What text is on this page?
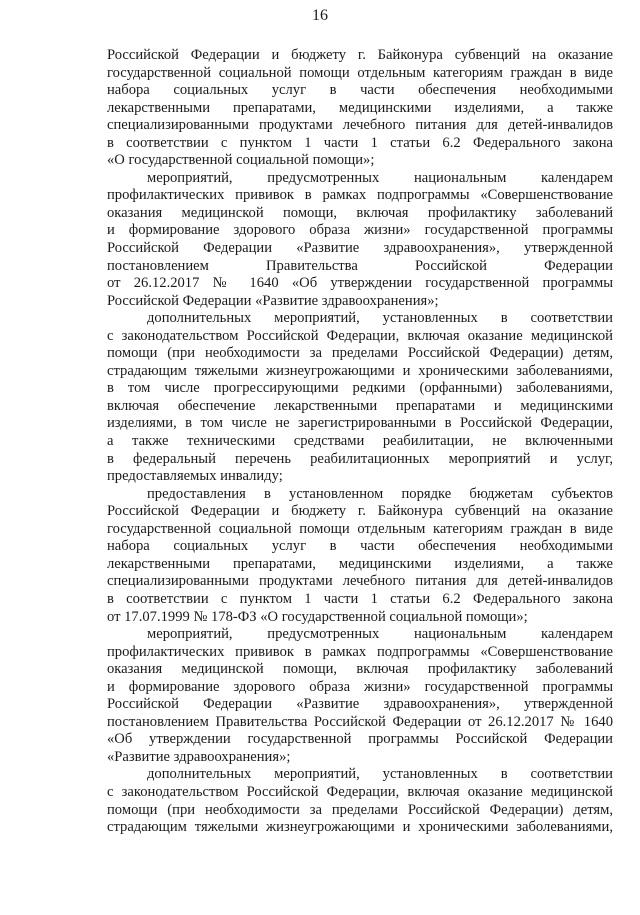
16
Российской Федерации и бюджету г. Байконура субвенций на оказание
государственной социальной помощи отдельным категориям граждан в виде
набора социальных услуг в части обеспечения необходимыми
лекарственными препаратами, медицинскими изделиями, а также
специализированными продуктами лечебного питания для детей-инвалидов
в соответствии с пунктом 1 части 1 статьи 6.2 Федерального закона
«О государственной социальной помощи»;
мероприятий, предусмотренных национальным календарем
профилактических прививок в рамках подпрограммы «Совершенствование
оказания медицинской помощи, включая профилактику заболеваний
и формирование здорового образа жизни» государственной программы
Российской Федерации «Развитие здравоохранения», утвержденной
постановлением Правительства Российской Федерации
от 26.12.2017 № 1640 «Об утверждении государственной программы
Российской Федерации «Развитие здравоохранения»;
дополнительных мероприятий, установленных в соответствии
с законодательством Российской Федерации, включая оказание медицинской
помощи (при необходимости за пределами Российской Федерации) детям,
страдающим тяжелыми жизнеугрожающими и хроническими заболеваниями,
в том числе прогрессирующими редкими (орфанными) заболеваниями,
включая обеспечение лекарственными препаратами и медицинскими
изделиями, в том числе не зарегистрированными в Российской Федерации,
а также техническими средствами реабилитации, не включенными
в федеральный перечень реабилитационных мероприятий и услуг,
предоставляемых инвалиду;
предоставления в установленном порядке бюджетам субъектов
Российской Федерации и бюджету г. Байконура субвенций на оказание
государственной социальной помощи отдельным категориям граждан в виде
набора социальных услуг в части обеспечения необходимыми
лекарственными препаратами, медицинскими изделиями, а также
специализированными продуктами лечебного питания для детей-инвалидов
в соответствии с пунктом 1 части 1 статьи 6.2 Федерального закона
от 17.07.1999 № 178-ФЗ «О государственной социальной помощи»;
мероприятий, предусмотренных национальным календарем
профилактических прививок в рамках подпрограммы «Совершенствование
оказания медицинской помощи, включая профилактику заболеваний
и формирование здорового образа жизни» государственной программы
Российской Федерации «Развитие здравоохранения», утвержденной
постановлением Правительства Российской Федерации от 26.12.2017 № 1640
«Об утверждении государственной программы Российской Федерации
«Развитие здравоохранения»;
дополнительных мероприятий, установленных в соответствии
с законодательством Российской Федерации, включая оказание медицинской
помощи (при необходимости за пределами Российской Федерации) детям,
страдающим тяжелыми жизнеугрожающими и хроническими заболеваниями,
